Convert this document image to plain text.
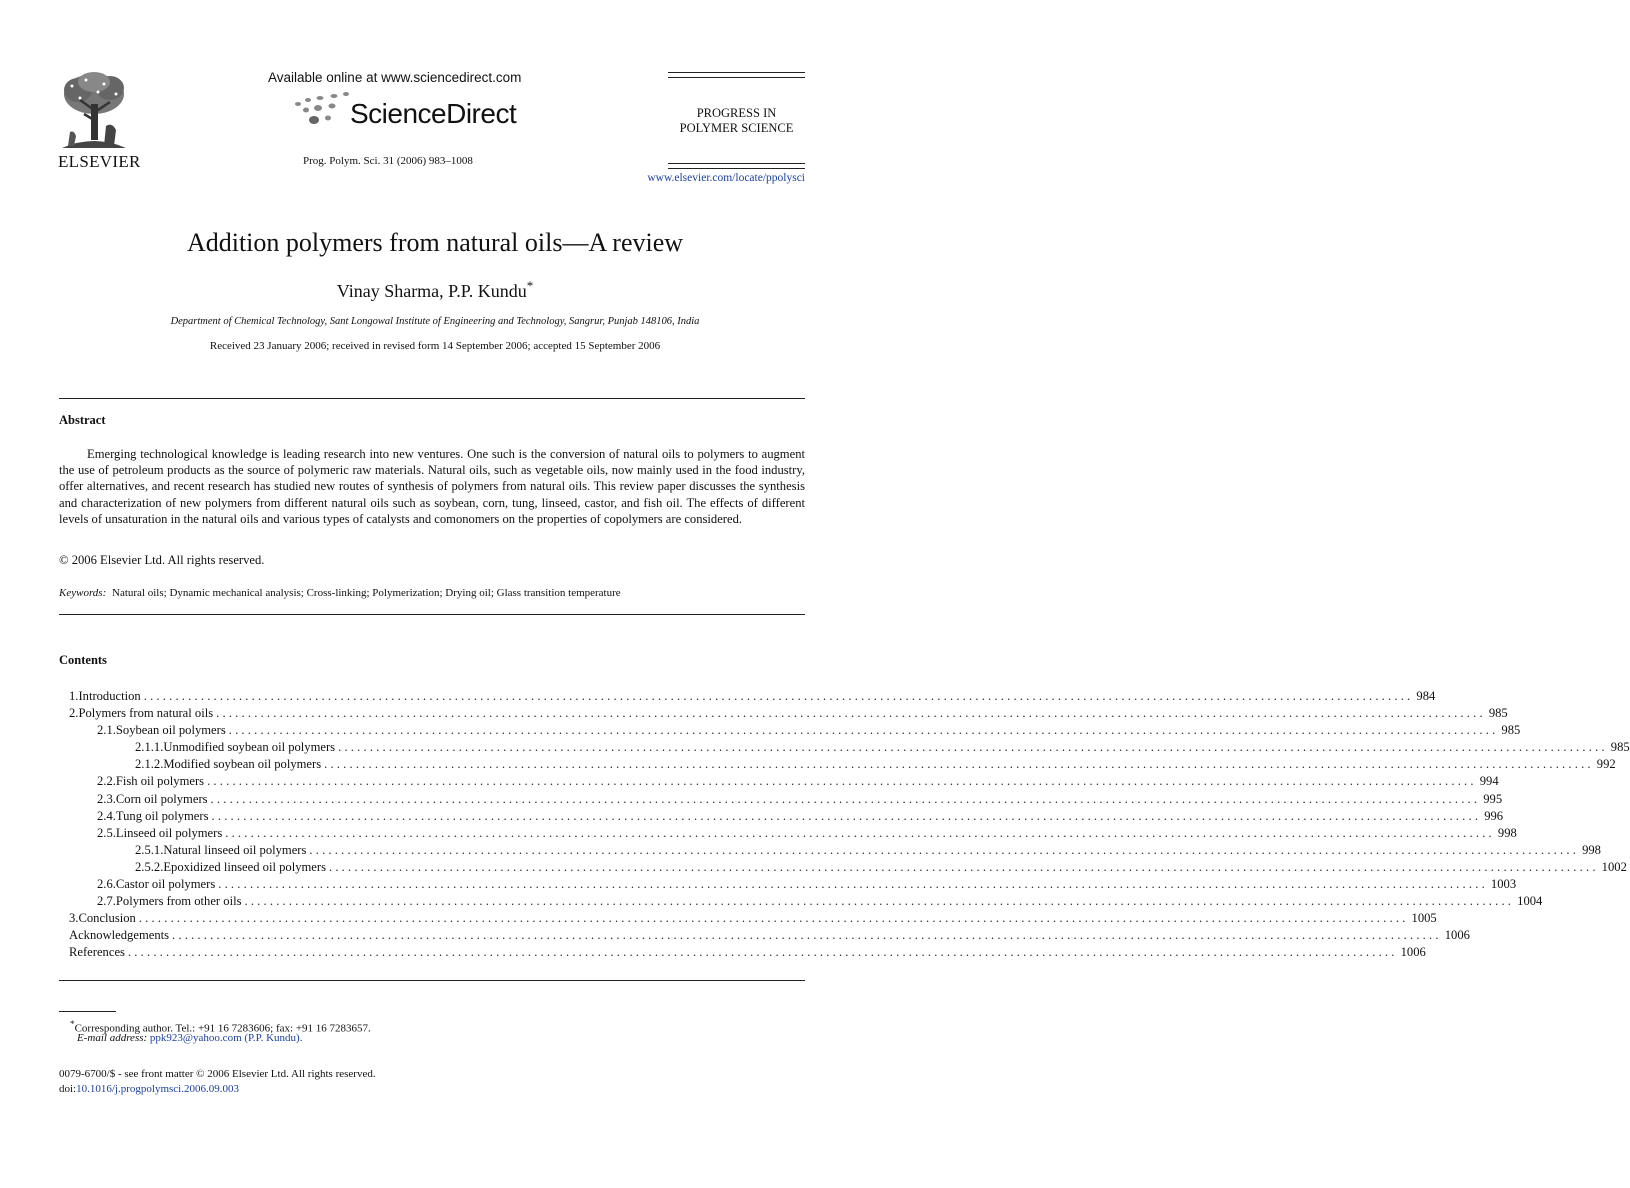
ELSEVIER
Available online at www.sciencedirect.com
ScienceDirect
Prog. Polym. Sci. 31 (2006) 983–1008
PROGRESS IN
POLYMER SCIENCE
www.elsevier.com/locate/ppolysci
Addition polymers from natural oils—A review
Vinay Sharma, P.P. Kundu*
Department of Chemical Technology, Sant Longowal Institute of Engineering and Technology, Sangrur, Punjab 148106, India
Received 23 January 2006; received in revised form 14 September 2006; accepted 15 September 2006
Abstract

Emerging technological knowledge is leading research into new ventures. One such is the conversion of natural oils to polymers to augment the use of petroleum products as the source of polymeric raw materials. Natural oils, such as vegetable oils, now mainly used in the food industry, offer alternatives, and recent research has studied new routes of synthesis of polymers from natural oils. This review paper discusses the synthesis and characterization of new polymers from different natural oils such as soybean, corn, tung, linseed, castor, and fish oil. The effects of different levels of unsaturation in the natural oils and various types of catalysts and comonomers on the properties of copolymers are considered.

© 2006 Elsevier Ltd. All rights reserved.
Keywords: Natural oils; Dynamic mechanical analysis; Cross-linking; Polymerization; Drying oil; Glass transition temperature
Contents
1. Introduction ........................................................................................................................................................................................................ 984
2. Polymers from natural oils ........................................................................................................................................................................................................ 985
2.1. Soybean oil polymers ........................................................................................................................................................................................................ 985
2.1.1. Unmodified soybean oil polymers ........................................................................................................................................................................................................ 985
2.1.2. Modified soybean oil polymers ........................................................................................................................................................................................................ 992
2.2. Fish oil polymers ........................................................................................................................................................................................................ 994
2.3. Corn oil polymers ........................................................................................................................................................................................................ 995
2.4. Tung oil polymers ........................................................................................................................................................................................................ 996
2.5. Linseed oil polymers ........................................................................................................................................................................................................ 998
2.5.1. Natural linseed oil polymers ........................................................................................................................................................................................................ 998
2.5.2. Epoxidized linseed oil polymers ........................................................................................................................................................................................................ 1002
2.6. Castor oil polymers ........................................................................................................................................................................................................ 1003
2.7. Polymers from other oils ........................................................................................................................................................................................................ 1004
3. Conclusion ........................................................................................................................................................................................................ 1005
Acknowledgements ........................................................................................................................................................................................................ 1006
References ........................................................................................................................................................................................................ 1006
*Corresponding author. Tel.: +91 16 7283606; fax: +91 16 7283657.
E-mail address: ppk923@yahoo.com (P.P. Kundu).
0079-6700/$ - see front matter © 2006 Elsevier Ltd. All rights reserved.
doi:10.1016/j.progpolymsci.2006.09.003
